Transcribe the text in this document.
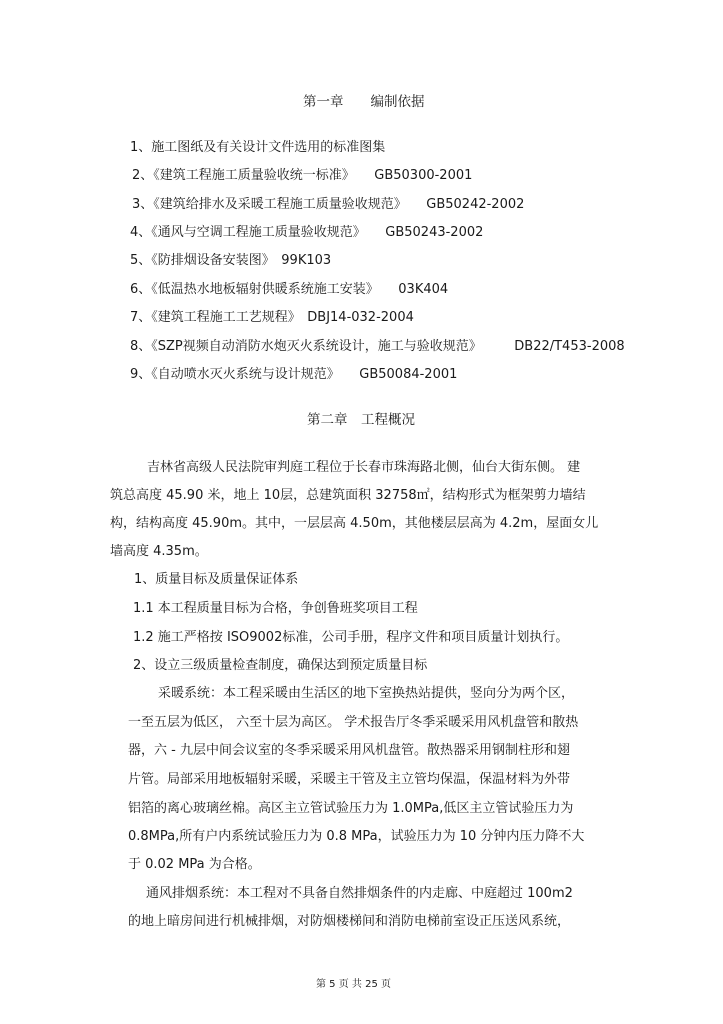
第一章　　编制依据
1、施工图纸及有关设计文件选用的标准图集
2、《建筑工程施工质量验收统一标准》　　GB50300-2001
3、《建筑给排水及采暖工程施工质量验收规范》　　GB50242-2002
4、《通风与空调工程施工质量验收规范》　　GB50243-2002
5、《防排烟设备安装图》　99K103
6、《低温热水地板辐射供暖系统施工安装》　　03K404
7、《建筑工程施工工艺规程》　DBJ14-032-2004
8、《SZP视频自动消防水炮灭火系统设计，施工与验收规范》　　　DB22/T453-2008
9、《自动喷水灭火系统与设计规范》　　GB50084-2001
第二章　工程概况
吉林省高级人民法院审判庭工程位于长春市珠海路北侧，仙台大街东侧。 建
筑总高度 45.90 米，地上 10层，总建筑面积 32758㎡，结构形式为框架剪力墙结
构，结构高度 45.90m。其中，一层层高 4.50m，其他楼层层高为 4.2m，屋面女儿
墙高度 4.35m。
1、质量目标及质量保证体系
1.1 本工程质量目标为合格，争创鲁班奖项目工程
1.2 施工严格按 ISO9002标准，公司手册，程序文件和项目质量计划执行。
2、设立三级质量检查制度，确保达到预定质量目标
采暖系统：本工程采暖由生活区的地下室换热站提供，竖向分为两个区，
一至五层为低区， 六至十层为高区。 学术报告厅冬季采暖采用风机盘管和散热
器，六 - 九层中间会议室的冬季采暖采用风机盘管。散热器采用钢制柱形和翅
片管。局部采用地板辐射采暖，采暖主干管及主立管均保温，保温材料为外带
铝箔的离心玻璃丝棉。高区主立管试验压力为 1.0MPa,低区主立管试验压力为
0.8MPa,所有户内系统试验压力为 0.8 MPa，试验压力为 10 分钟内压力降不大
于 0.02 MPa 为合格。
通风排烟系统：本工程对不具备自然排烟条件的内走廊、中庭超过 100m2
的地上暗房间进行机械排烟，对防烟楼梯间和消防电梯前室设正压送风系统，
第 5 页 共 25 页
